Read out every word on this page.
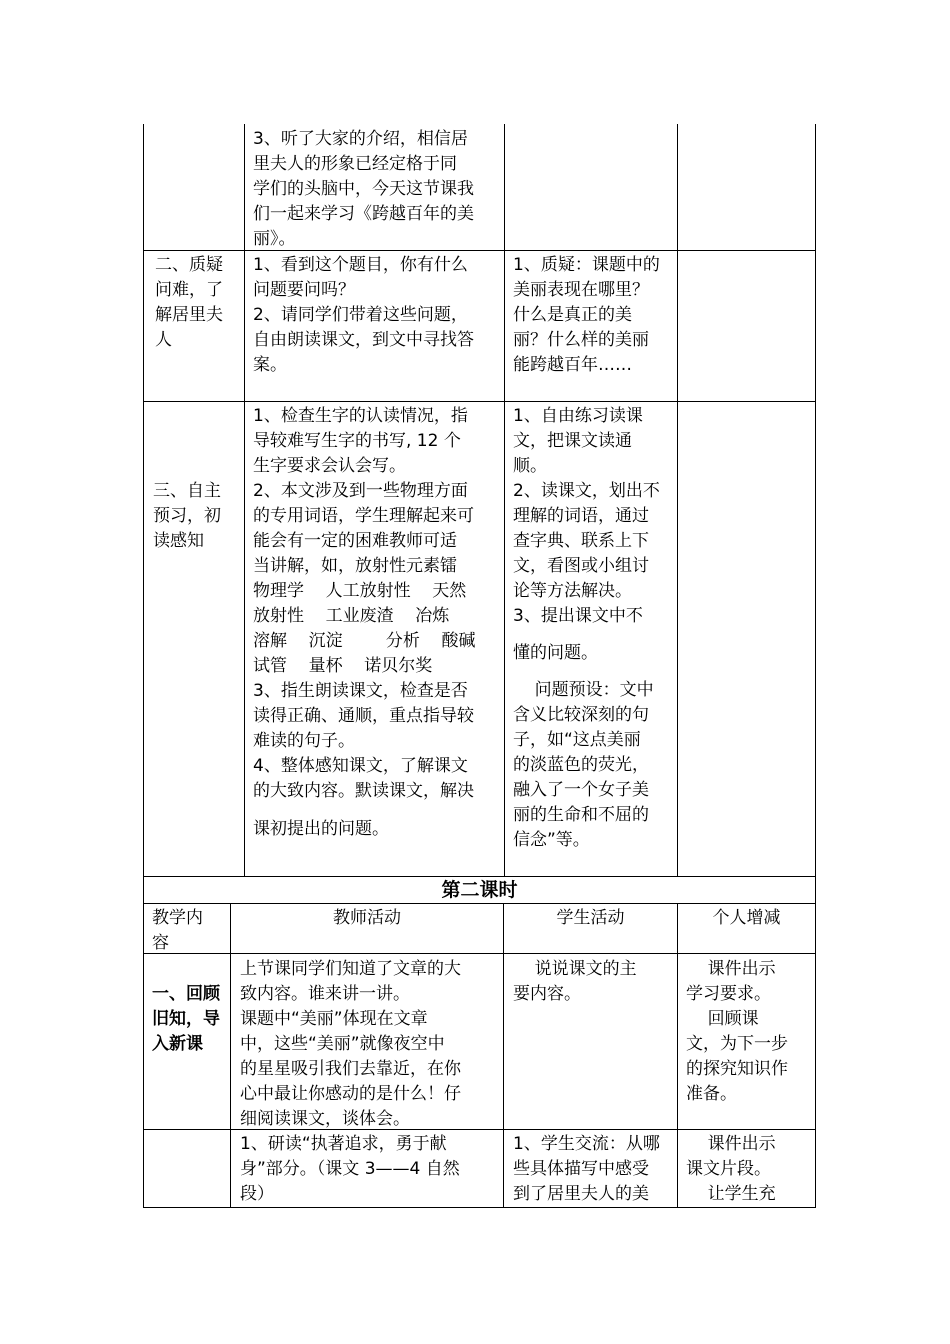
3、听了大家的介绍，相信居

里夫人的形象已经定格于同

学们的头脑中，今天这节课我

们一起来学习《跨越百年的美

丽》。

二、质疑

问难，了

解居里夫

人

1、看到这个题目，你有什么

问题要问吗？

2、请同学们带着这些问题，

自由朗读课文，到文中寻找答

案。

1、质疑：课题中的

美丽表现在哪里？

什么是真正的美

丽？什么样的美丽

能跨越百年……

三、自主

预习，初

读感知

1、检查生字的认读情况，指

导较难写生字的书写, 12 个

生字要求会认会写。

2、本文涉及到一些物理方面

的专用词语，学生理解起来可

能会有一定的困难教师可适

当讲解，如，放射性元素镭

物理学    人工放射性    天然

放射性    工业废渣    冶炼

溶解    沉淀        分析    酸碱

试管    量杯    诺贝尔奖

3、指生朗读课文，检查是否

读得正确、通顺，重点指导较

难读的句子。

4、整体感知课文，了解课文

的大致内容。默读课文，解决

课初提出的问题。

1、自由练习读课

文，把课文读通

顺。

2、读课文，划出不

理解的词语，通过

查字典、联系上下

文，看图或小组讨

论等方法解决。

3、提出课文中不

懂的问题。

问题预设：文中

含义比较深刻的句

子，如“这点美丽

的淡蓝色的荧光，

融入了一个女子美

丽的生命和不屈的

信念”等。

第二课时

教学内

容

教师活动	学生活动	个人增减

一、回顾

旧知，导

入新课

上节课同学们知道了文章的大

致内容。谁来讲一讲。

课题中“美丽”体现在文章

中，这些“美丽”就像夜空中

的星星吸引我们去靠近，在你

心中最让你感动的是什么！仔

细阅读课文，谈体会。

说说课文的主

要内容。

课件出示

学习要求。

回顾课

文，为下一步

的探究知识作

准备。

1、研读“执著追求，勇于献

身”部分。（课文 3——4 自然

段）

1、学生交流：从哪

些具体描写中感受

到了居里夫人的美

课件出示

课文片段。

让学生充
